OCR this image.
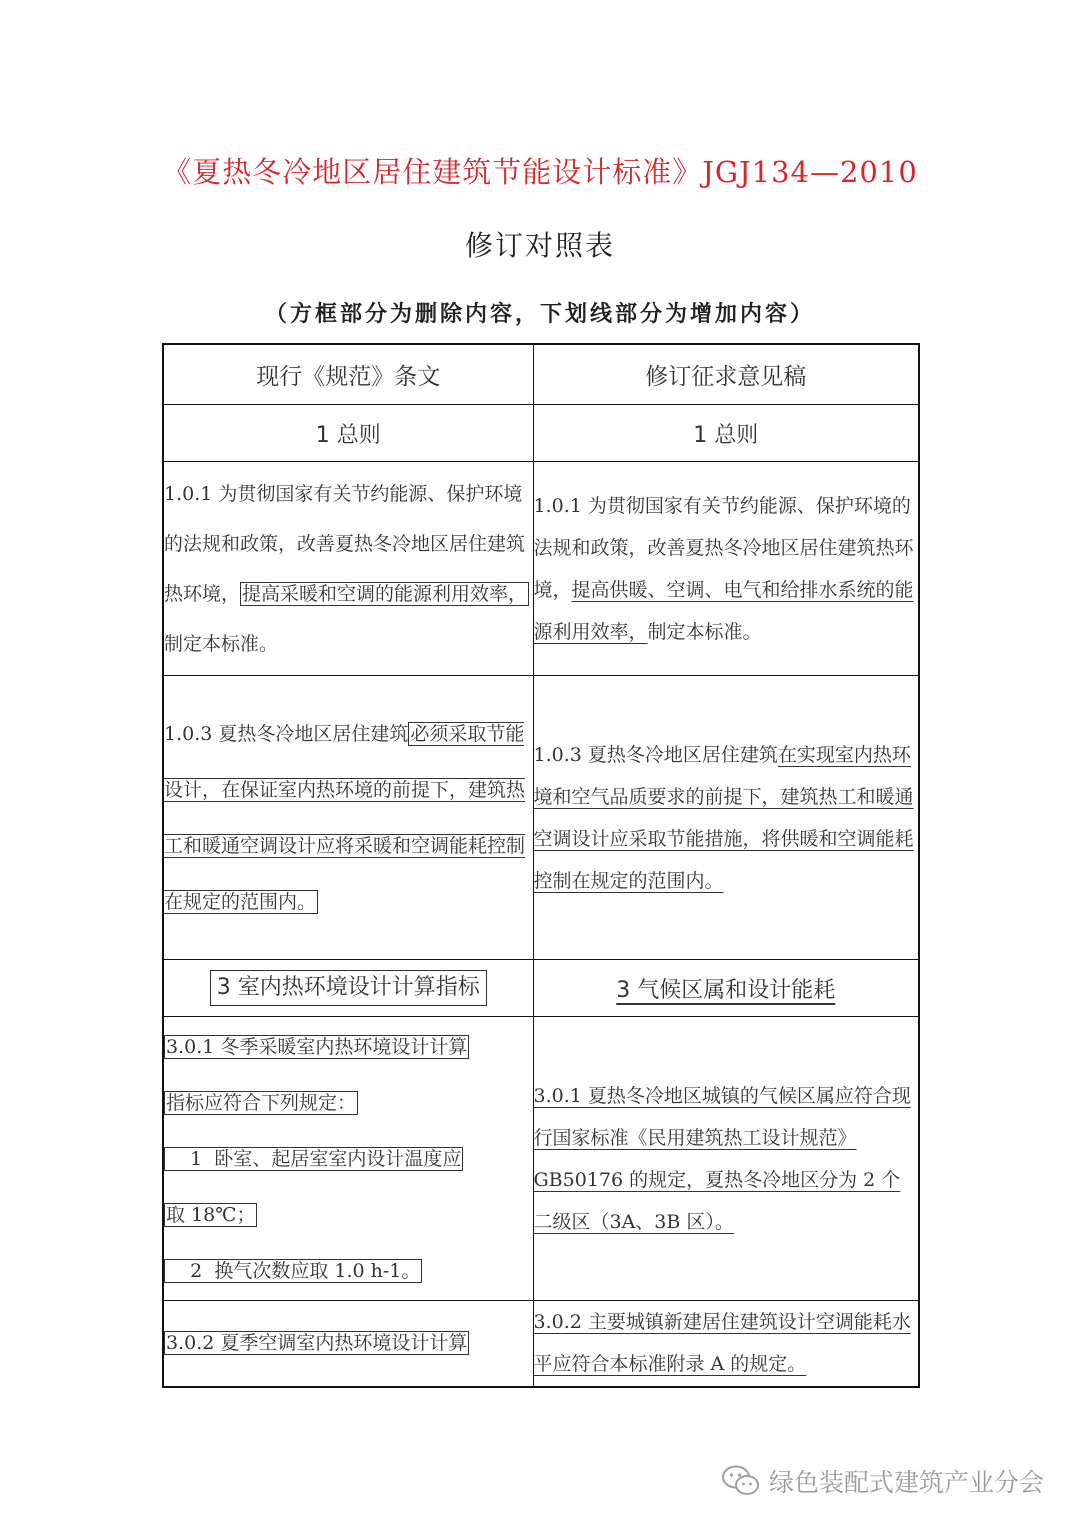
《夏热冬冷地区居住建筑节能设计标准》JGJ134—2010
修订对照表
（方框部分为删除内容，下划线部分为增加内容）
现行《规范》条文	修订征求意见稿
1 总则	1 总则
1.0.1 为贯彻国家有关节约能源、保护环境的法规和政策，改善夏热冬冷地区居住建筑热环境， 提高采暖和空调的能源利用效率，制定本标准。	1.0.1 为贯彻国家有关节约能源、保护环境的法规和政策，改善夏热冬冷地区居住建筑热环境，提高供暖、空调、电气和给排水系统的能源利用效率，制定本标准。
1.0.3 夏热冬冷地区居住建筑 必须采取节能设计，在保证室内热环境的前提下，建筑热工和暖通空调设计应将采暖和空调能耗控制在规定的范围内。	1.0.3 夏热冬冷地区居住建筑在实现室内热环境和空气品质要求的前提下，建筑热工和暖通空调设计应采取节能措施，将供暖和空调能耗控制在规定的范围内。
3 室内热环境设计计算指标	3 气候区属和设计能耗
3.0.1 冬季采暖室内热环境设计计算
指标应符合下列规定：
1  卧室、起居室室内设计温度应
取 18℃；
2  换气次数应取 1.0 h-1。	3.0.1 夏热冬冷地区城镇的气候区属应符合现行国家标准《民用建筑热工设计规范》GB50176 的规定，夏热冬冷地区分为 2 个二级区（3A、3B 区）。
3.0.2 夏季空调室内热环境设计计算	3.0.2 主要城镇新建居住建筑设计空调能耗水平应符合本标准附录 A 的规定。
绿色装配式建筑产业分会
